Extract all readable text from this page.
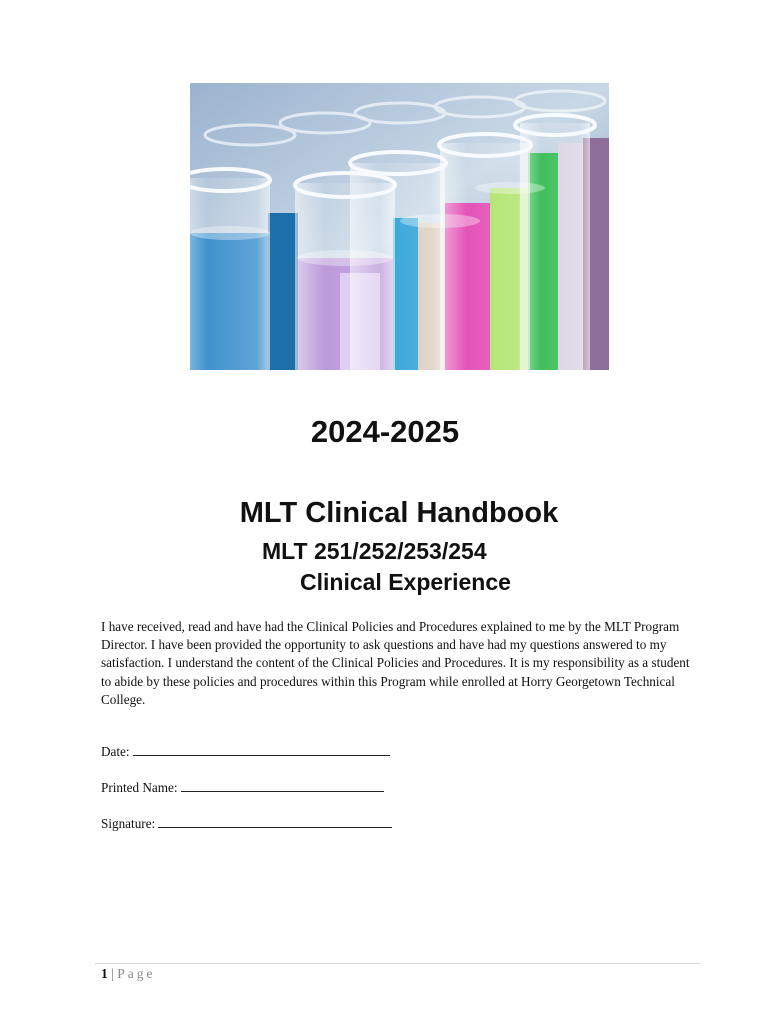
2024-2025
MLT Clinical Handbook
MLT 251/252/253/254
Clinical Experience

I have received, read and have had the Clinical Policies and Procedures explained to me by the MLT Program Director. I have been provided the opportunity to ask questions and have had my questions answered to my satisfaction. I understand the content of the Clinical Policies and Procedures. It is my responsibility as a student to abide by these policies and procedures within this Program while enrolled at Horry Georgetown Technical College.

Date:
Printed Name:
Signature:
1 | Page
